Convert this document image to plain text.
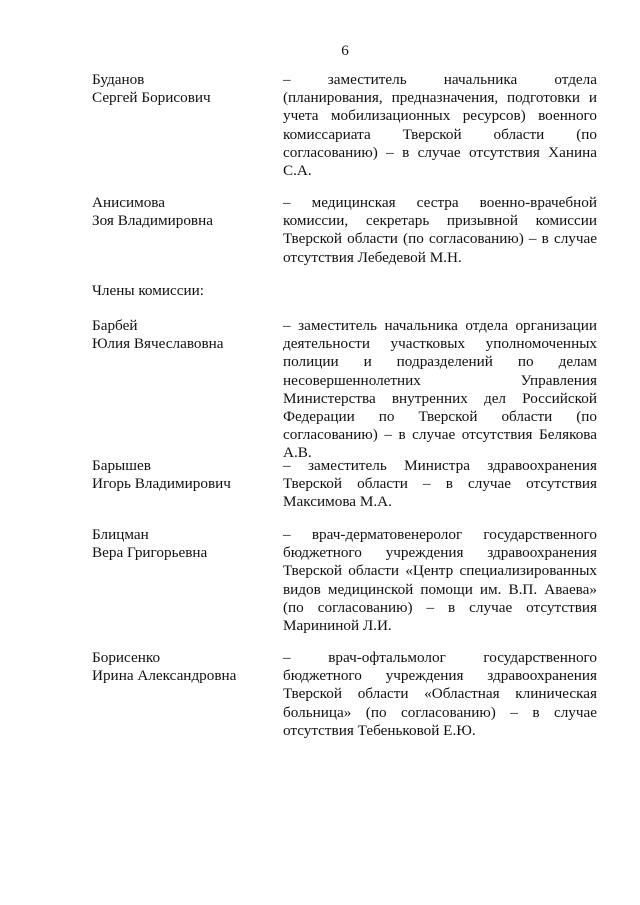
6
Буданов
Сергей Борисович
– заместитель начальника отдела (планирования, предназначения, подготовки и учета мобилизационных ресурсов) военного комиссариата Тверской области (по согласованию) – в случае отсутствия Ханина С.А.
Анисимова
Зоя Владимировна
– медицинская сестра военно-врачебной комиссии, секретарь призывной комиссии Тверской области (по согласованию) – в случае отсутствия Лебедевой М.Н.
Члены комиссии:
Барбей
Юлия Вячеславовна
– заместитель начальника отдела организации деятельности участковых уполномоченных полиции и подразделений по делам несовершеннолетних Управления Министерства внутренних дел Российской Федерации по Тверской области (по согласованию) – в случае отсутствия Белякова А.В.
Барышев
Игорь Владимирович
– заместитель Министра здравоохранения Тверской области – в случае отсутствия Максимова М.А.
Блицман
Вера Григорьевна
– врач-дерматовенеролог государственного бюджетного учреждения здравоохранения Тверской области «Центр специализированных видов медицинской помощи им. В.П. Аваева» (по согласованию) – в случае отсутствия Марининой Л.И.
Борисенко
Ирина Александровна
– врач-офтальмолог государственного бюджетного учреждения здравоохранения Тверской области «Областная клиническая больница» (по согласованию) – в случае отсутствия Тебеньковой Е.Ю.
